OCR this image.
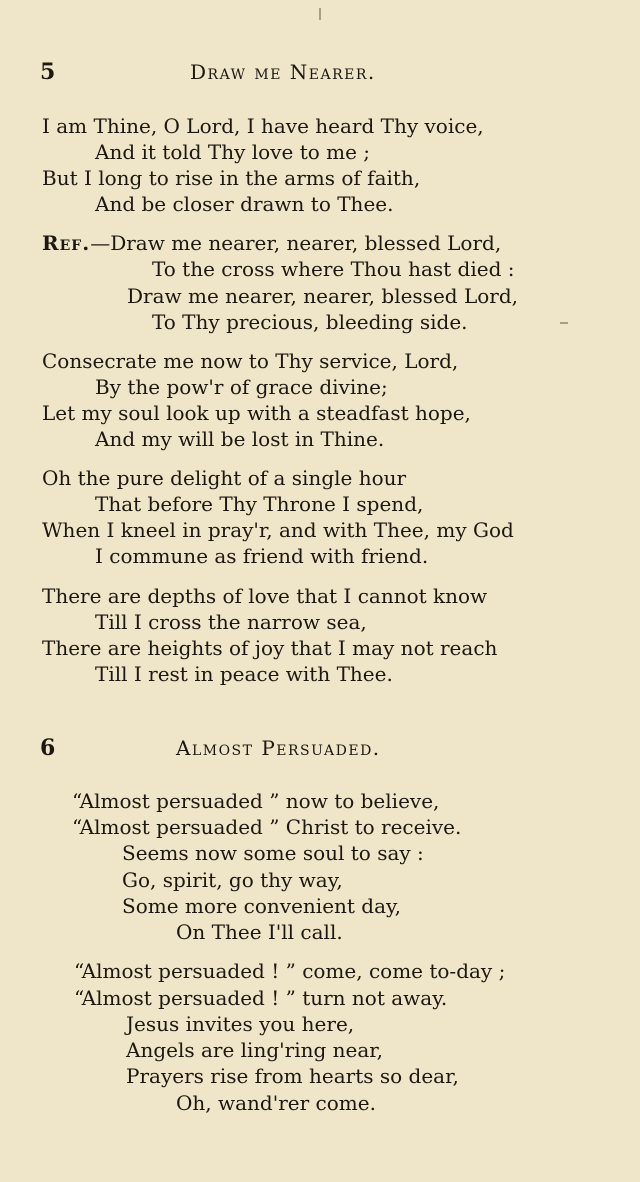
5	Draw me Nearer.
I am Thine, O Lord, I have heard Thy voice,
And it told Thy love to me ;
But I long to rise in the arms of faith,
And be closer drawn to Thee.
Ref.—Draw me nearer, nearer, blessed Lord,
To the cross where Thou hast died :
Draw me nearer, nearer, blessed Lord,
To Thy precious, bleeding side.
Consecrate me now to Thy service, Lord,
By the pow'r of grace divine;
Let my soul look up with a steadfast hope,
And my will be lost in Thine.
Oh the pure delight of a single hour
That before Thy Throne I spend,
When I kneel in pray'r, and with Thee, my God
I commune as friend with friend.
There are depths of love that I cannot know
Till I cross the narrow sea,
There are heights of joy that I may not reach
Till I rest in peace with Thee.
6	Almost Persuaded.
“Almost persuaded ” now to believe,
“Almost persuaded ” Christ to receive.
Seems now some soul to say :
Go, spirit, go thy way,
Some more convenient day,
On Thee I'll call.
“Almost persuaded ! ” come, come to-day ;
“Almost persuaded ! ” turn not away.
Jesus invites you here,
Angels are ling'ring near,
Prayers rise from hearts so dear,
Oh, wand'rer come.
